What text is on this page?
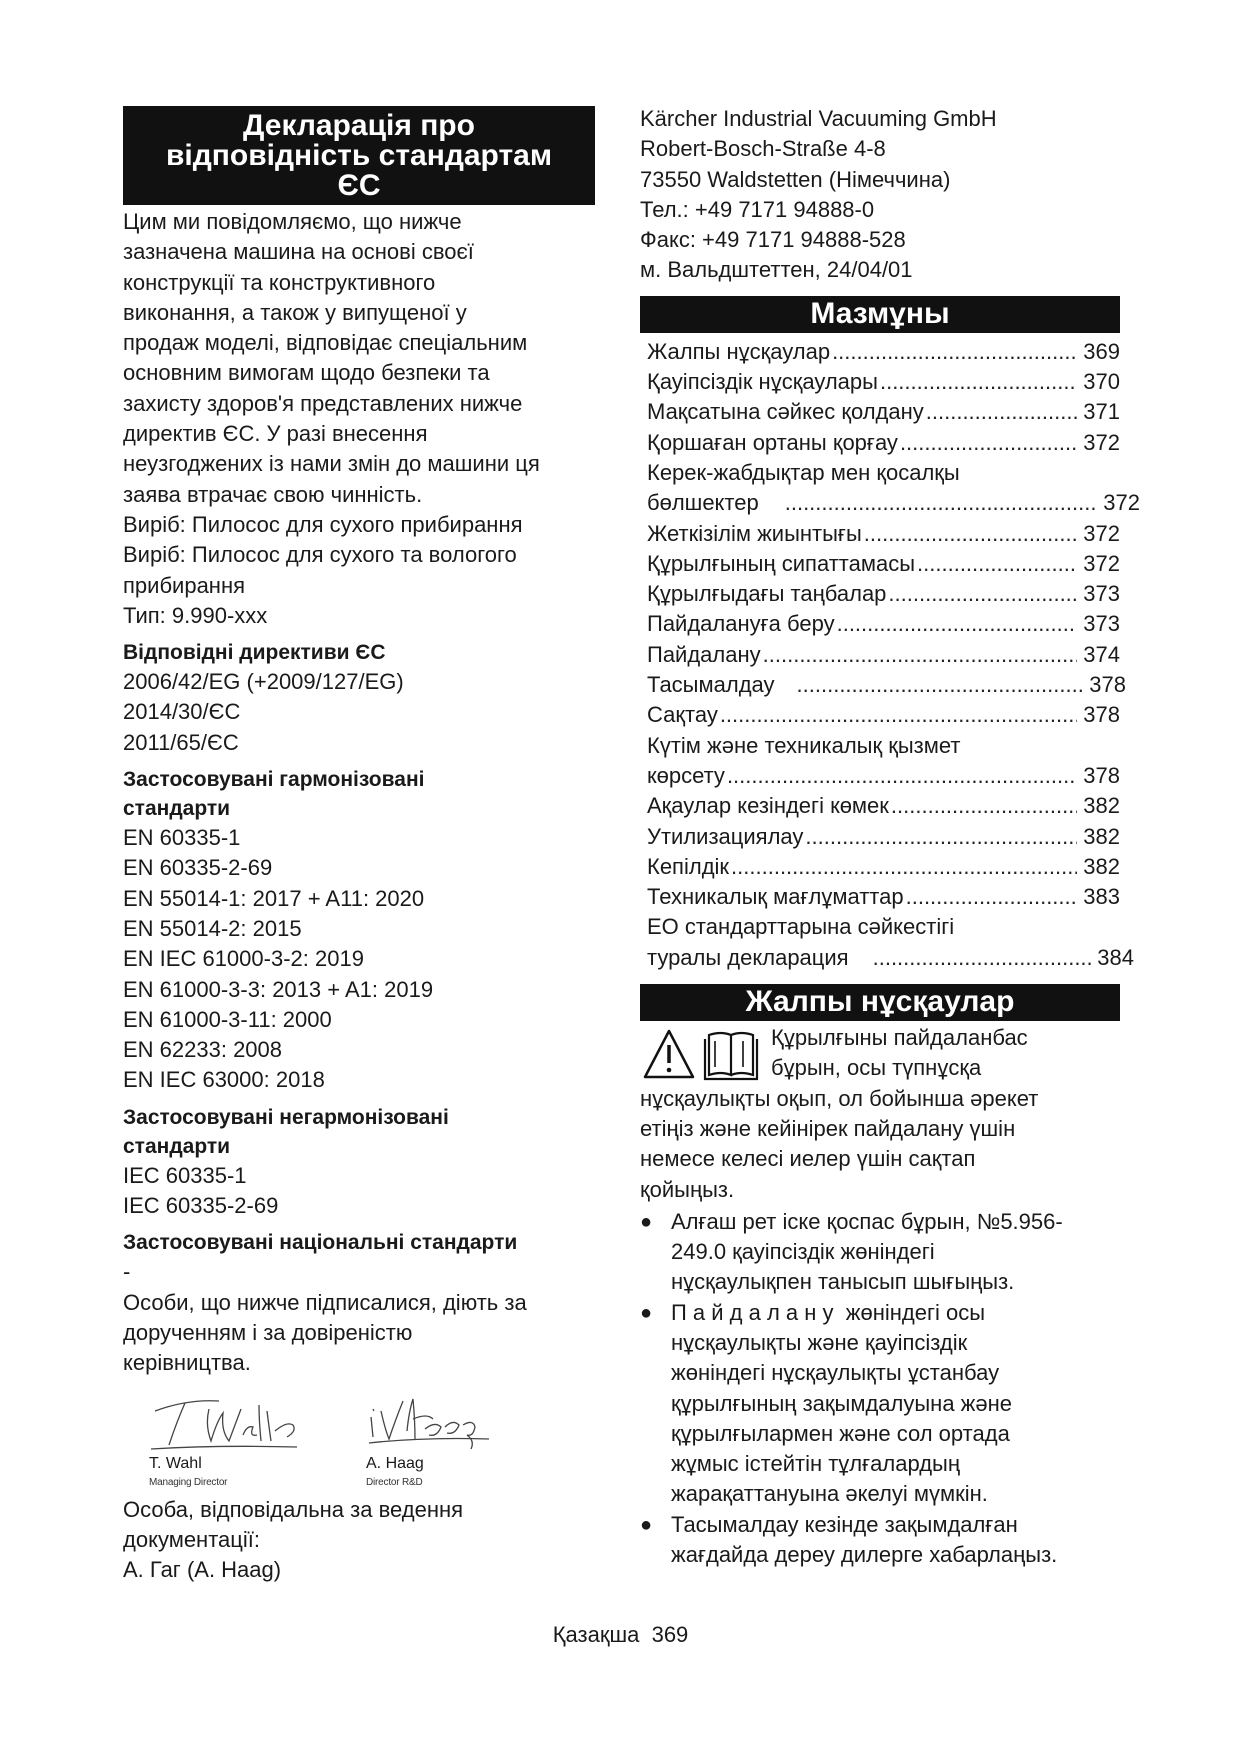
Декларація про
відповідність стандартам
ЄС
Цим ми повідомляємо, що нижче
зазначена машина на основі своєї
конструкції та конструктивного
виконання, а також у випущеної у
продаж моделі, відповідає спеціальним
основним вимогам щодо безпеки та
захисту здоров'я представлених нижче
директив ЄС. У разі внесення
неузгоджених із нами змін до машини ця
заява втрачає свою чинність.
Виріб: Пилосос для сухого прибирання
Виріб: Пилосос для сухого та вологого
прибирання
Тип: 9.990-xxx
Відповідні директиви ЄС
2006/42/EG (+2009/127/EG)
2014/30/ЄС
2011/65/ЄС
Застосовувані гармонізовані
стандарти
EN 60335-1
EN 60335-2-69
EN 55014-1: 2017 + A11: 2020
EN 55014-2: 2015
EN IEC 61000-3-2: 2019
EN 61000-3-3: 2013 + A1: 2019
EN 61000-3-11: 2000
EN 62233: 2008
EN IEC 63000: 2018
Застосовувані негармонізовані
стандарти
IEC 60335-1
IEC 60335-2-69
Застосовувані національні стандарти
-
Особи, що нижче підписалися, діють за
дорученням і за довіреністю
керівництва.
T. Wahl
Managing Director
A. Haag
Director R&D
Особа, відповідальна за ведення
документації:
А. Гаг (A. Haag)
Kärcher Industrial Vacuuming GmbH
Robert-Bosch-Straße 4-8
73550 Waldstetten (Німеччина)
Тел.: +49 7171 94888-0
Факс: +49 7171 94888-528
м. Вальдштеттен, 24/04/01
Мазмұны
Жалпы нұсқаулар .....	369
Қауіпсіздік нұсқаулары .....	370
Мақсатына сәйкес қолдану .....	371
Қоршаған ортаны қорғау .....	372
Керек-жабдықтар мен қосалқы
бөлшектер .....	372
Жеткізілім жиынтығы .....	372
Құрылғының сипаттамасы .....	372
Құрылғыдағы таңбалар .....	373
Пайдалануға беру .....	373
Пайдалану .....	374
Тасымалдау .....	378
Сақтау .....	378
Күтім және техникалық қызмет
көрсету .....	378
Ақаулар кезіндегі көмек .....	382
Утилизациялау .....	382
Кепілдік .....	382
Техникалық мағлұматтар .....	383
ЕО стандарттарына сәйкестігі
туралы декларация .....	384
Жалпы нұсқаулар
Құрылғыны пайдаланбас
бұрын, осы түпнұсқа
нұсқаулықты оқып, ол бойынша әрекет
етіңіз және кейінірек пайдалану үшін
немесе келесі иелер үшін сақтап
қойыңыз.
● Алғаш рет іске қоспас бұрын, №5.956-
249.0 қауіпсіздік жөніндегі
нұсқаулықпен танысып шығыңыз.
● П а й д а л а н у  жөніндегі осы
нұсқаулықты және қауіпсіздік
жөніндегі нұсқаулықты ұстанбау
құрылғының зақымдалуына және
құрылғылармен және сол ортада
жұмыс істейтін тұлғалардың
жарақаттануына әкелуі мүмкін.
● Тасымалдау кезінде зақымдалған
жағдайда дереу дилерге хабарлаңыз.
Қазақша 369
